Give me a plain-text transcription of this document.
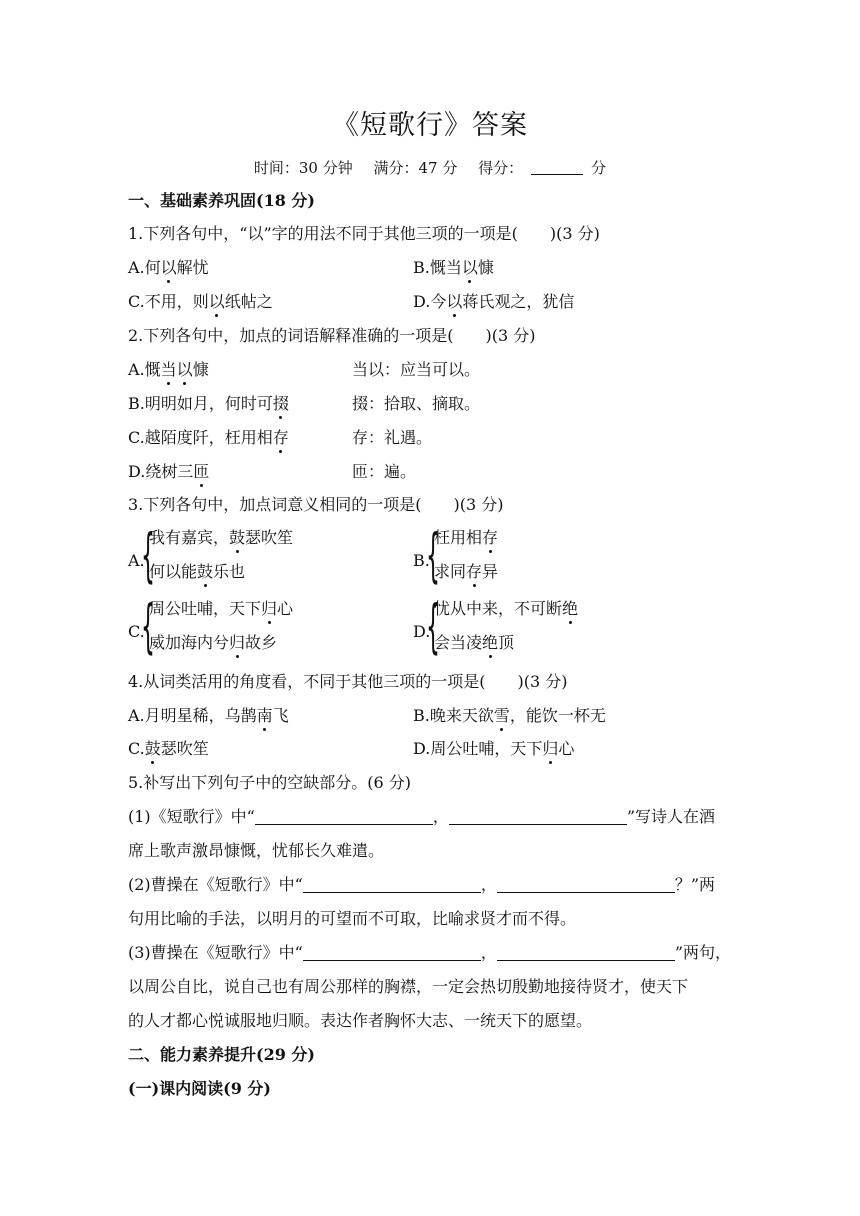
《短歌行》答案
时间：30 分钟 满分：47 分 得分：	分
一、基础素养巩固(18 分)
1.下列各句中，“以”字的用法不同于其他三项的一项是(　　)(3 分)
A.何以解忧	B.慨当以慷
C.不用，则以纸帖之	D.今以蒋氏观之，犹信
2.下列各句中，加点的词语解释准确的一项是(　　)(3 分)
A.慨当以慷	当以：应当可以。
B.明明如月，何时可掇	掇：拾取、摘取。
C.越陌度阡，枉用相存	存：礼遇。
D.绕树三匝	匝：遍。
3.下列各句中，加点词意义相同的一项是(　　)(3 分)
A.
{
我有嘉宾，鼓瑟吹笙
何以能鼓乐也
B.
{
枉用相存
求同存异
C.
{
周公吐哺，天下归心
威加海内兮归故乡
D.
{
忧从中来，不可断绝
会当凌绝顶
4.从词类活用的角度看，不同于其他三项的一项是(　　)(3 分)
A.月明星稀，乌鹊南飞	B.晚来天欲雪，能饮一杯无
C.鼓瑟吹笙	D.周公吐哺，天下归心
5.补写出下列句子中的空缺部分。(6 分)
(1)《短歌行》中“	，	”写诗人在酒
席上歌声激昂慷慨，忧郁长久难遣。
(2)曹操在《短歌行》中“	，	？”两
句用比喻的手法，以明月的可望而不可取，比喻求贤才而不得。
(3)曹操在《短歌行》中“	，	”两句，
以周公自比，说自己也有周公那样的胸襟，一定会热切殷勤地接待贤才，使天下
的人才都心悦诚服地归顺。表达作者胸怀大志、一统天下的愿望。
二、能力素养提升(29 分)
(一)课内阅读(9 分)
